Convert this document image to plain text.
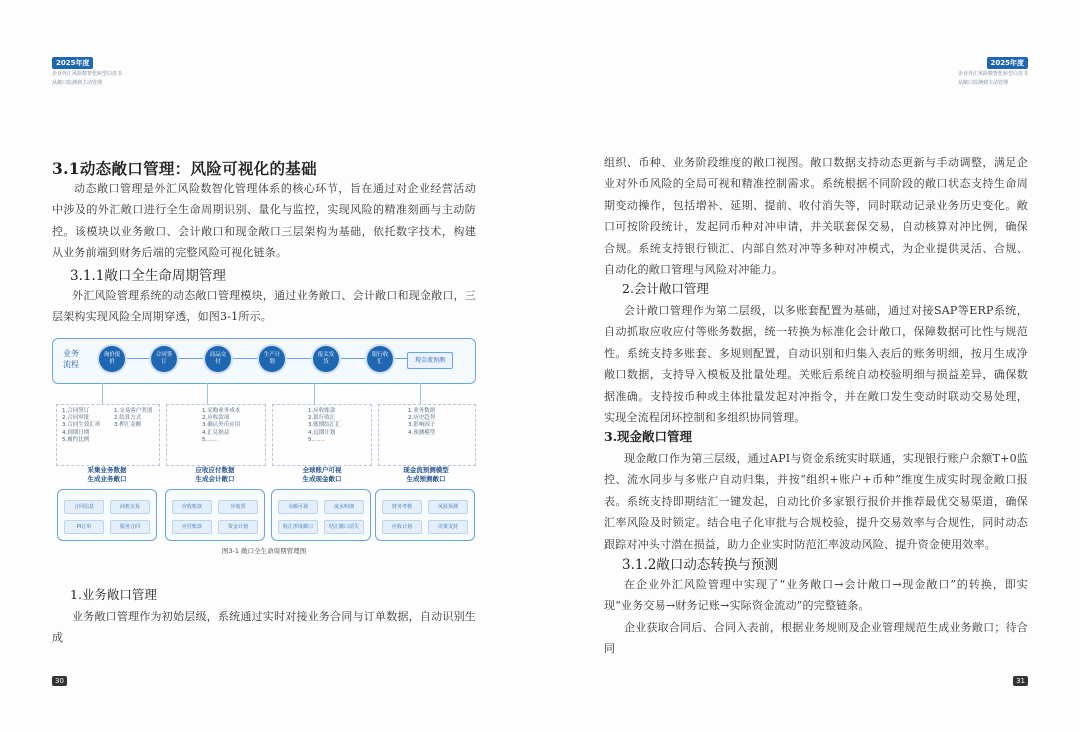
2025年度
企业外汇风险数智化转型白皮书
从敞口监测到主动管理
3.1动态敞口管理：风险可视化的基础
动态敞口管理是外汇风险数智化管理体系的核心环节，旨在通过对企业经营活动中涉及的外汇敞口进行全生命周期识别、量化与监控，实现风险的精准刻画与主动防控。该模块以业务敞口、会计敞口和现金敞口三层架构为基础，依托数字技术，构建从业务前端到财务后端的完整风险可视化链条。
3.1.1敞口全生命周期管理
外汇风险管理系统的动态敞口管理模块，通过业务敞口、会计敞口和现金敞口，三层架构实现风险全周期穿透，如图3-1所示。
业务流程
询价报价
合同签订
商品交付
生产计划
报关发货
银行收汇	现金流预测
1.合同签订
2.合同审批
3.合同生效汇率
4.到期日期
5.履约比例
1.交易客户类别
2.结算方式
3.押汇金额
1.采购业务成本
2.应收款项
3.确认外币应用
4.汇兑损益
5.……
1.应收账款
2.银行收汇
3.账期结汇汇
4.远期计划
5.……
1.业务数据
2.历史趋势
3.影响因子
4.预测模型
采集业务数据
生成业务敞口
应收应付数据
生成会计敞口
全球账户可视
生成现金敞口
现金流预测模型
生成预测敞口
合同信息	商机交易
PI订单	服务合同
应收账款	应收票
应付账款	资金计划
余额可视	流水明细
收汇形成敞口	结汇敞口消失
财务考核	风险预测
应收计划	决策支持
图3-1 敞口全生命周期管理图
1.业务敞口管理
业务敞口管理作为初始层级，系统通过实时对接业务合同与订单数据，自动识别生成
30
2025年度
企业外汇风险数智化转型白皮书
从敞口监测到主动管理
组织、币种、业务阶段维度的敞口视图。敞口数据支持动态更新与手动调整，满足企业对外币风险的全局可视和精准控制需求。系统根据不同阶段的敞口状态支持生命周期变动操作，包括增补、延期、提前、收付消失等，同时联动记录业务历史变化。敞口可按阶段统计，发起同币种对冲申请，并关联套保交易，自动核算对冲比例，确保合规。系统支持银行锁汇、内部自然对冲等多种对冲模式，为企业提供灵活、合规、自动化的敞口管理与风险对冲能力。
2.会计敞口管理
会计敞口管理作为第二层级，以多账套配置为基础，通过对接SAP等ERP系统，自动抓取应收应付等账务数据，统一转换为标准化会计敞口，保障数据可比性与规范性。系统支持多账套、多规则配置，自动识别和归集入表后的账务明细，按月生成净敞口数据，支持导入模板及批量处理。关账后系统自动校验明细与损益差异，确保数据准确。支持按币种或主体批量发起对冲指令，并在敞口发生变动时联动交易处理，实现全流程闭环控制和多组织协同管理。
3.现金敞口管理
现金敞口作为第三层级，通过API与资金系统实时联通，实现银行账户余额T+0监控、流水同步与多账户自动归集，并按“组织+账户+币种”维度生成实时现金敞口报表。系统支持即期结汇一键发起，自动比价多家银行报价并推荐最优交易渠道，确保汇率风险及时锁定。结合电子化审批与合规校验，提升交易效率与合规性，同时动态跟踪对冲头寸潜在损益，助力企业实时防范汇率波动风险、提升资金使用效率。
3.1.2敞口动态转换与预测
在企业外汇风险管理中实现了“业务敞口→会计敞口→现金敞口”的转换，即实现“业务交易→财务记账→实际资金流动”的完整链条。
企业获取合同后、合同入表前，根据业务规则及企业管理规范生成业务敞口；待合同
31
